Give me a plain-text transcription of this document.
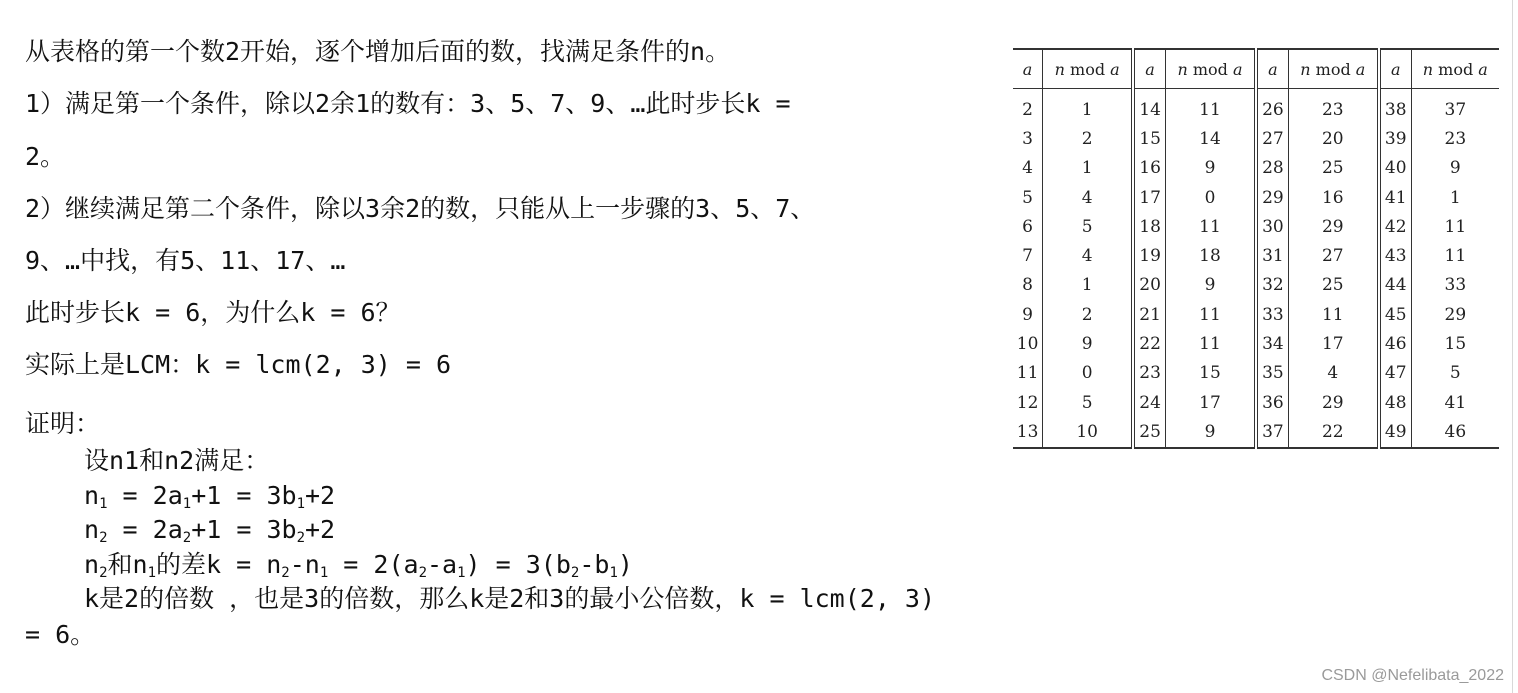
从表格的第一个数2开始，逐个增加后面的数，找满足条件的n。

1）满足第一个条件，除以2余1的数有：3、5、7、9、…此时步长k =

2。

2）继续满足第二个条件，除以3余2的数，只能从上一步骤的3、5、7、

9、…中找，有5、11、17、…

此时步长k = 6，为什么k = 6？

实际上是LCM：k = lcm(2, 3) = 6

证明：

设n1和n2满足：

$n_1 = 2a_1+1 = 3b_1+2$

$n_2 = 2a_2+1 = 3b_2+2$

$n_2$和$n_1$的差$k = n_2-n_1 = 2(a_2-a_1) = 3(b_2-b_1)$

k是2的倍数 ，也是3的倍数，那么k是2和3的最小公倍数，k = lcm(2, 3)

= 6。

a	n mod a	a	n mod a	a	n mod a	a	n mod a
2	1	14	11	26	23	38	37
3	2	15	14	27	20	39	23
4	1	16	9	28	25	40	9
5	4	17	0	29	16	41	1
6	5	18	11	30	29	42	11
7	4	19	18	31	27	43	11
8	1	20	9	32	25	44	33
9	2	21	11	33	11	45	29
10	9	22	11	34	17	46	15
11	0	23	15	35	4	47	5
12	5	24	17	36	29	48	41
13	10	25	9	37	22	49	46
CSDN @Nefelibata_2022
